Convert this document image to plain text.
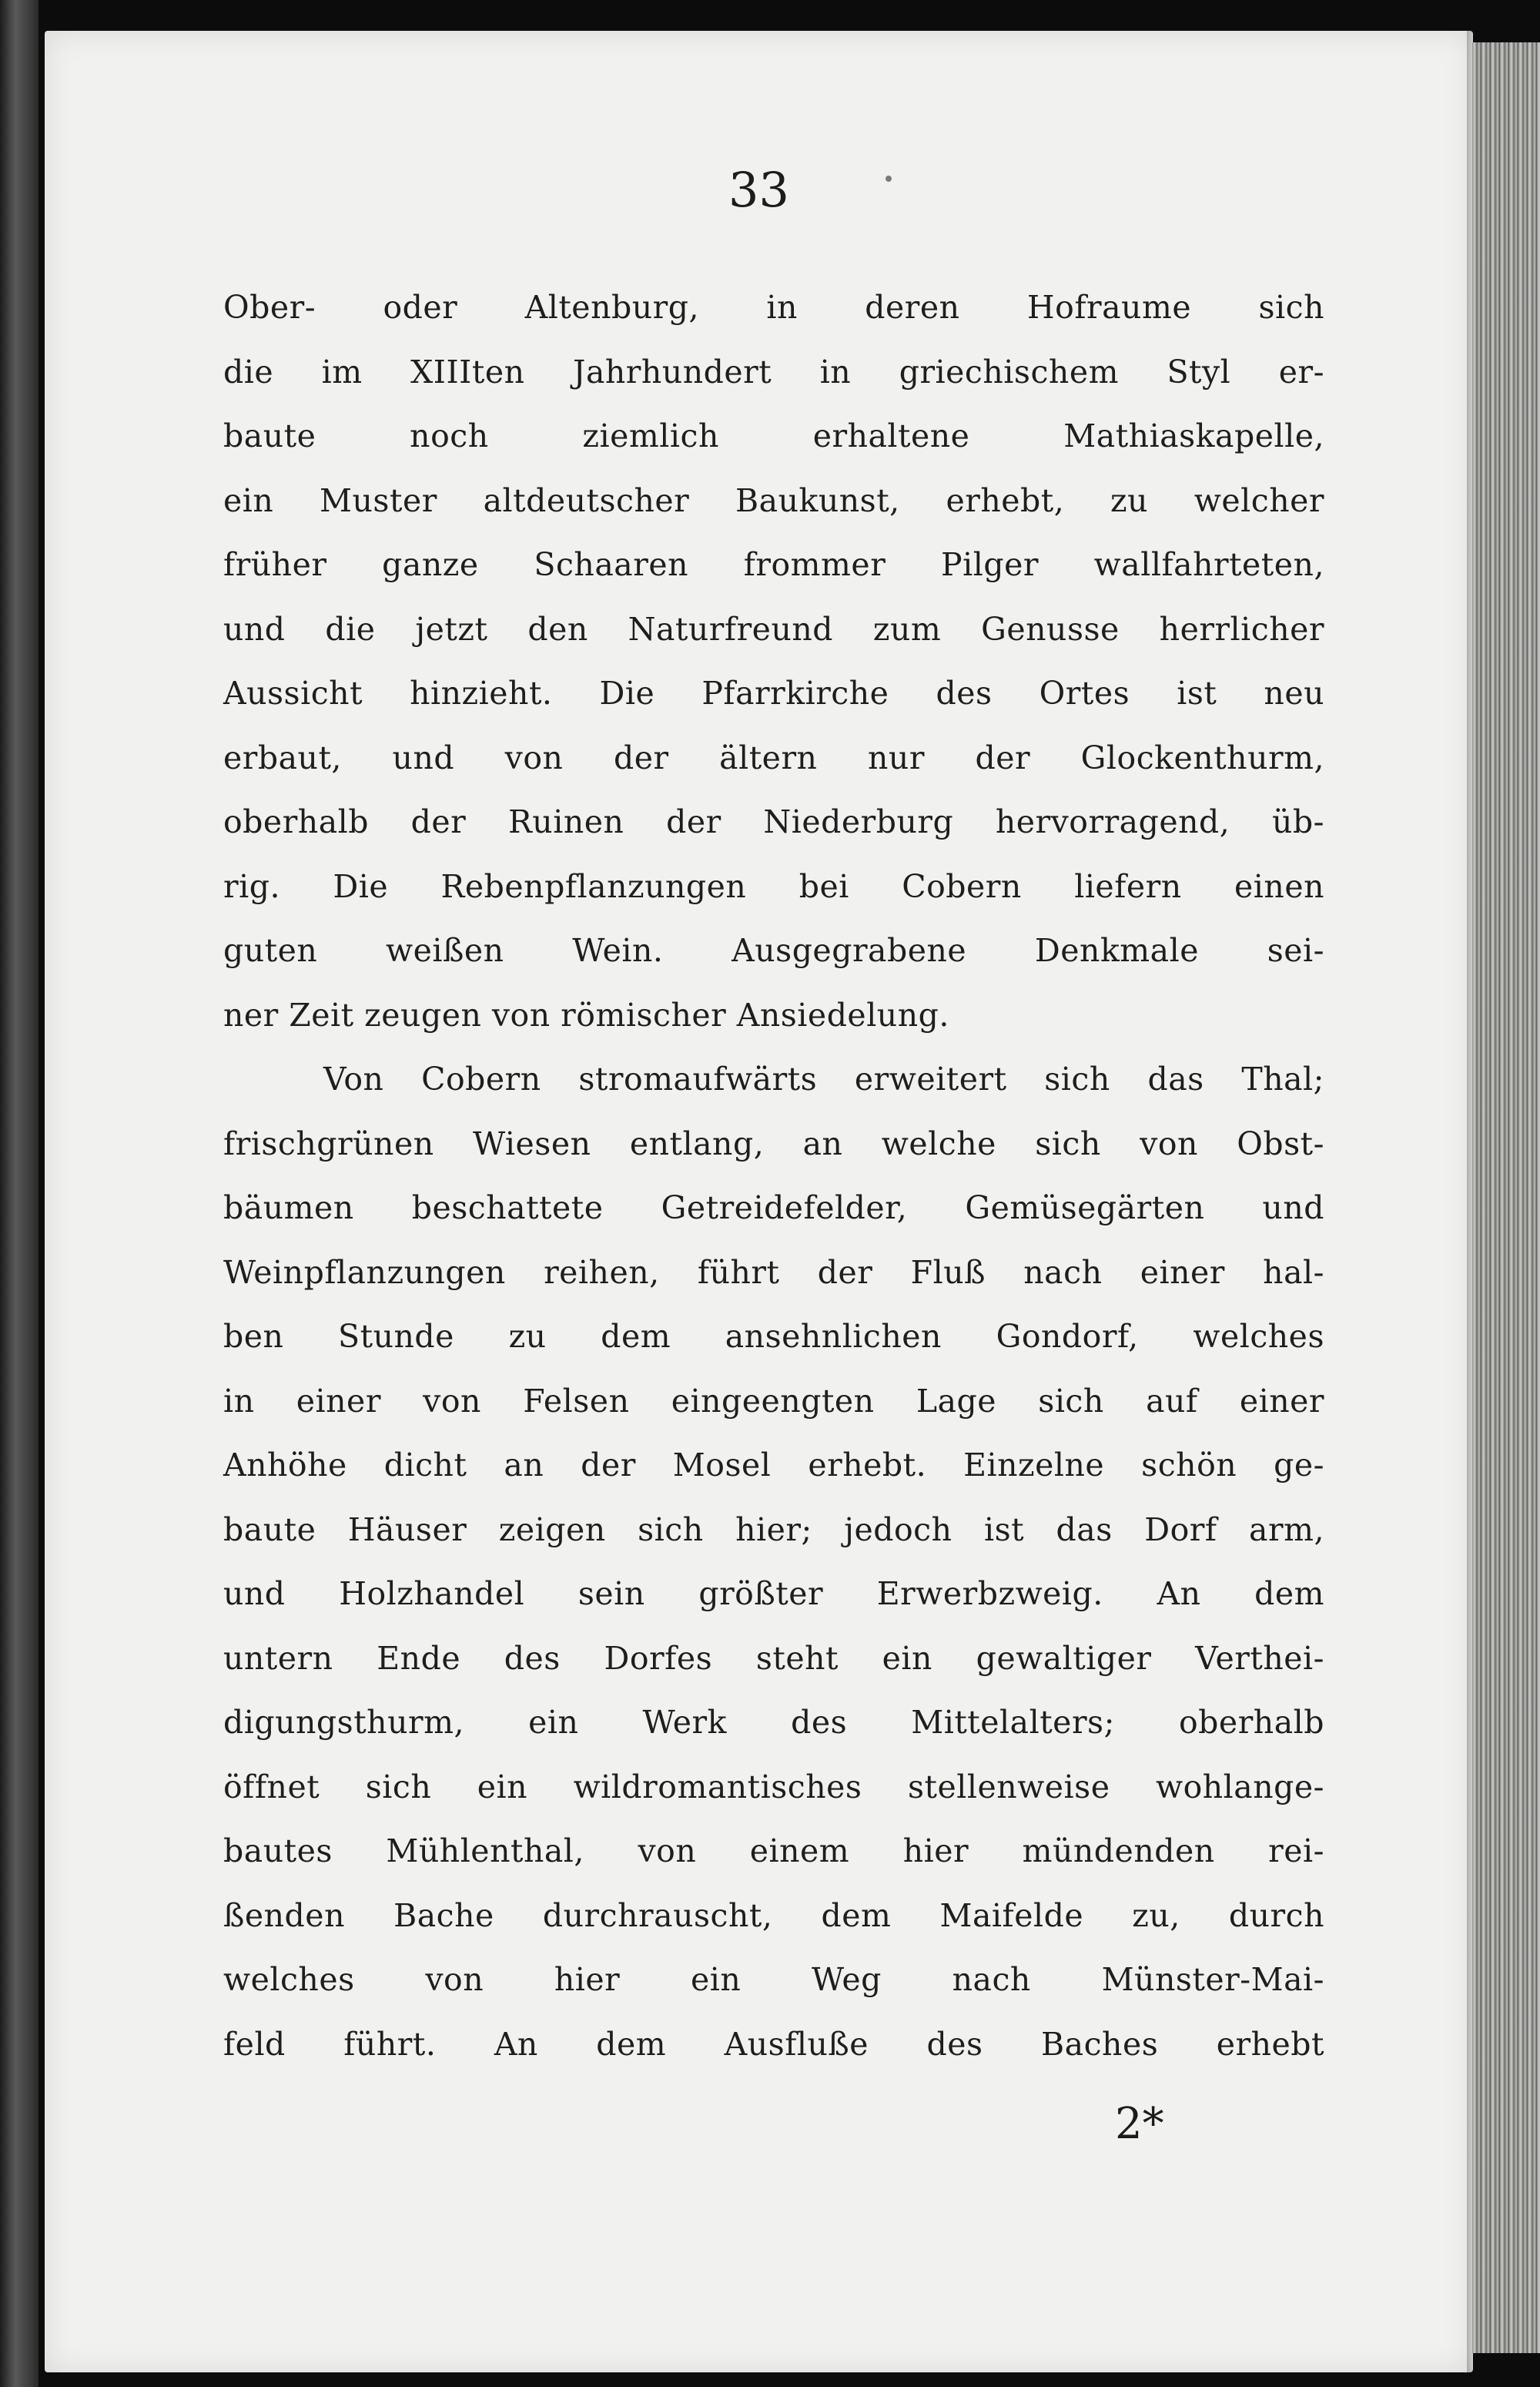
33
Ober- oder Altenburg, in deren Hofraume sich
die im XIIIten Jahrhundert in griechischem Styl er-
baute noch ziemlich erhaltene Mathiaskapelle,
ein Muster altdeutscher Baukunst, erhebt, zu welcher
früher ganze Schaaren frommer Pilger wallfahrteten,
und die jetzt den Naturfreund zum Genusse herrlicher
Aussicht hinzieht. Die Pfarrkirche des Ortes ist neu
erbaut, und von der ältern nur der Glockenthurm,
oberhalb der Ruinen der Niederburg hervorragend, üb-
rig. Die Rebenpflanzungen bei Cobern liefern einen
guten weißen Wein. Ausgegrabene Denkmale sei-
ner Zeit zeugen von römischer Ansiedelung.
Von Cobern stromaufwärts erweitert sich das Thal;
frischgrünen Wiesen entlang, an welche sich von Obst-
bäumen beschattete Getreidefelder, Gemüsegärten und
Weinpflanzungen reihen, führt der Fluß nach einer hal-
ben Stunde zu dem ansehnlichen Gondorf, welches
in einer von Felsen eingeengten Lage sich auf einer
Anhöhe dicht an der Mosel erhebt. Einzelne schön ge-
baute Häuser zeigen sich hier; jedoch ist das Dorf arm,
und Holzhandel sein größter Erwerbzweig. An dem
untern Ende des Dorfes steht ein gewaltiger Verthei-
digungsthurm, ein Werk des Mittelalters; oberhalb
öffnet sich ein wildromantisches stellenweise wohlange-
bautes Mühlenthal, von einem hier mündenden rei-
ßenden Bache durchrauscht, dem Maifelde zu, durch
welches von hier ein Weg nach Münster-Mai-
feld führt. An dem Ausfluße des Baches erhebt
2*
